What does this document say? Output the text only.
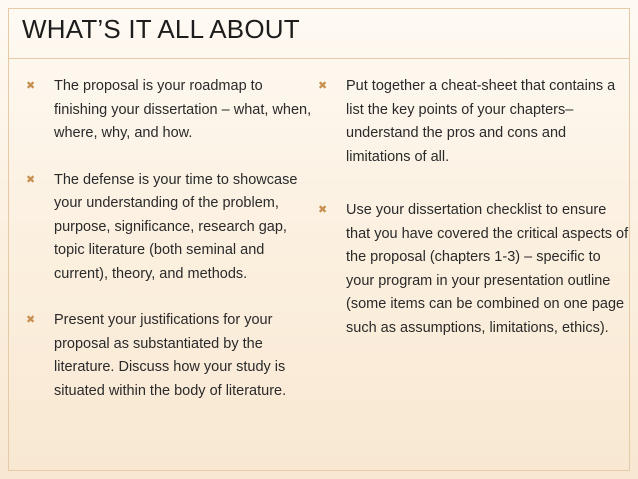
WHAT’S IT ALL ABOUT
✖ The proposal is your roadmap to finishing your dissertation – what, when, where, why, and how.
✖ The defense is your time to showcase your understanding of the problem, purpose, significance, research gap, topic literature (both seminal and current), theory, and methods.
✖ Present your justifications for your proposal as substantiated by the literature. Discuss how your study is situated within the body of literature.
✖ Put together a cheat-sheet that contains a list the key points of your chapters– understand the pros and cons and limitations of all.
✖ Use your dissertation checklist to ensure that you have covered the critical aspects of the proposal (chapters 1-3) – specific to your program in your presentation outline (some items can be combined on one page such as assumptions, limitations, ethics).
